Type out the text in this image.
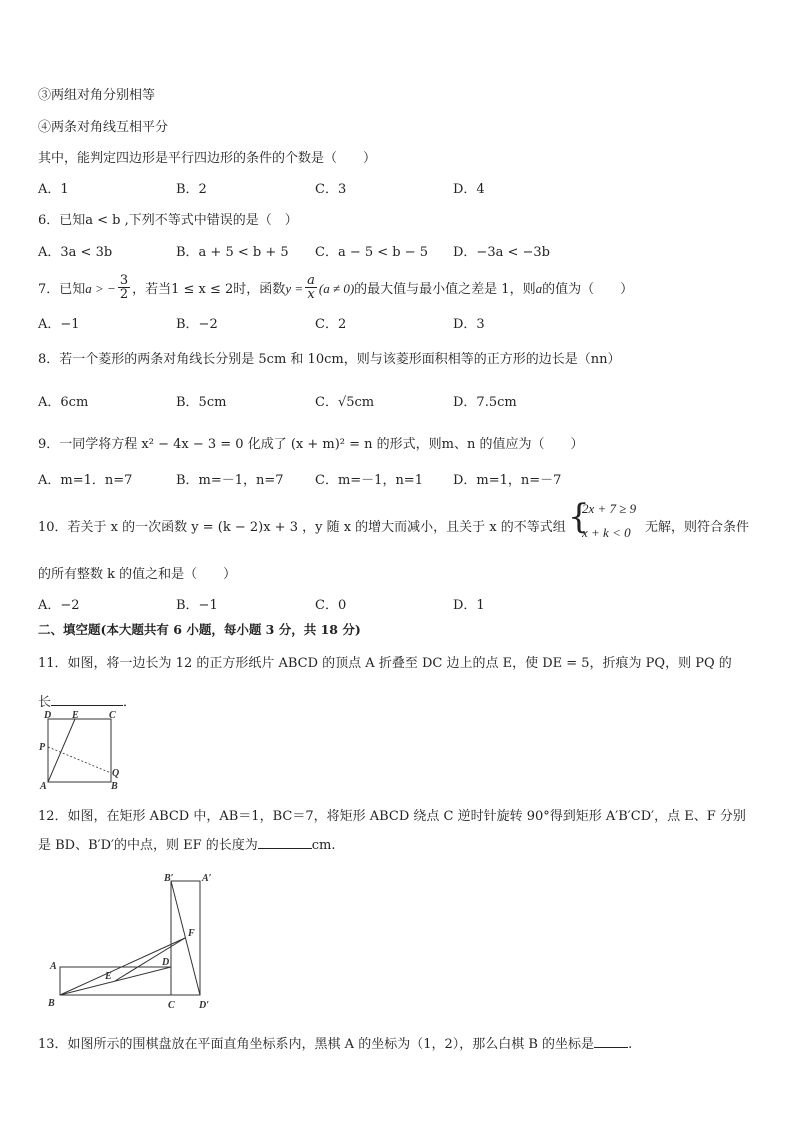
③两组对角分别相等
④两条对角线互相平分
其中，能判定四边形是平行四边形的条件的个数是（　　）
A．1	B．2	C．3	D．4
6．已知a < b ,下列不等式中错误的是（　）
A．3a < 3b	B．a + 5 < b + 5 C．a − 5 < b − 5 D．−3a < −3b
7．已知a > − $\frac{3}{2}$ ，若当1 ≤ x ≤ 2时，函数$y = \frac{a}{x} (a \ne 0)$的最大值与最小值之差是 1，则a的值为（　　）
A．−1	B．−2	C．2	D．3
8．若一个菱形的两条对角线长分别是 5cm 和 10cm，则与该菱形面积相等的正方形的边长是（nn）
A．6cm	B．5cm	C．√5cm	D．7.5cm
9．一同学将方程 x² − 4x − 3 = 0 化成了 (x + m)² = n 的形式，则m、n 的值应为（　　）
A．m=1．n=7	B．m=－1，n=7 C．m=－1，n=1 D．m=1，n=－7
10．若关于 x 的一次函数 y = (k − 2)x + 3 ，y 随 x 的增大而减小，且关于 x 的不等式组 {
2x + 7 ≥ 9
x + k < 0 无解，则符合条件
的所有整数 k 的值之和是（　　）
A．−2	B．−1	C．0	D．1
二、填空题(本大题共有 6 小题，每小题 3 分，共 18 分)
11．如图，将一边长为 12 的正方形纸片 ABCD 的顶点 A 折叠至 DC 边上的点 E，使 DE = 5，折痕为 PQ，则 PQ 的
长	．
D E	C
P
Q
A	B
12．如图，在矩形 ABCD 中，AB＝1，BC＝7，将矩形 ABCD 绕点 C 逆时针旋转 90°得到矩形 A′B′CD′，点 E、F 分别
是 BD、B′D′的中点，则 EF 的长度为	cm.
B′	A′
F
A
E
D
B	C D′
13．如图所示的围棋盘放在平面直角坐标系内，黑棋 A 的坐标为（1，2），那么白棋 B 的坐标是	.
